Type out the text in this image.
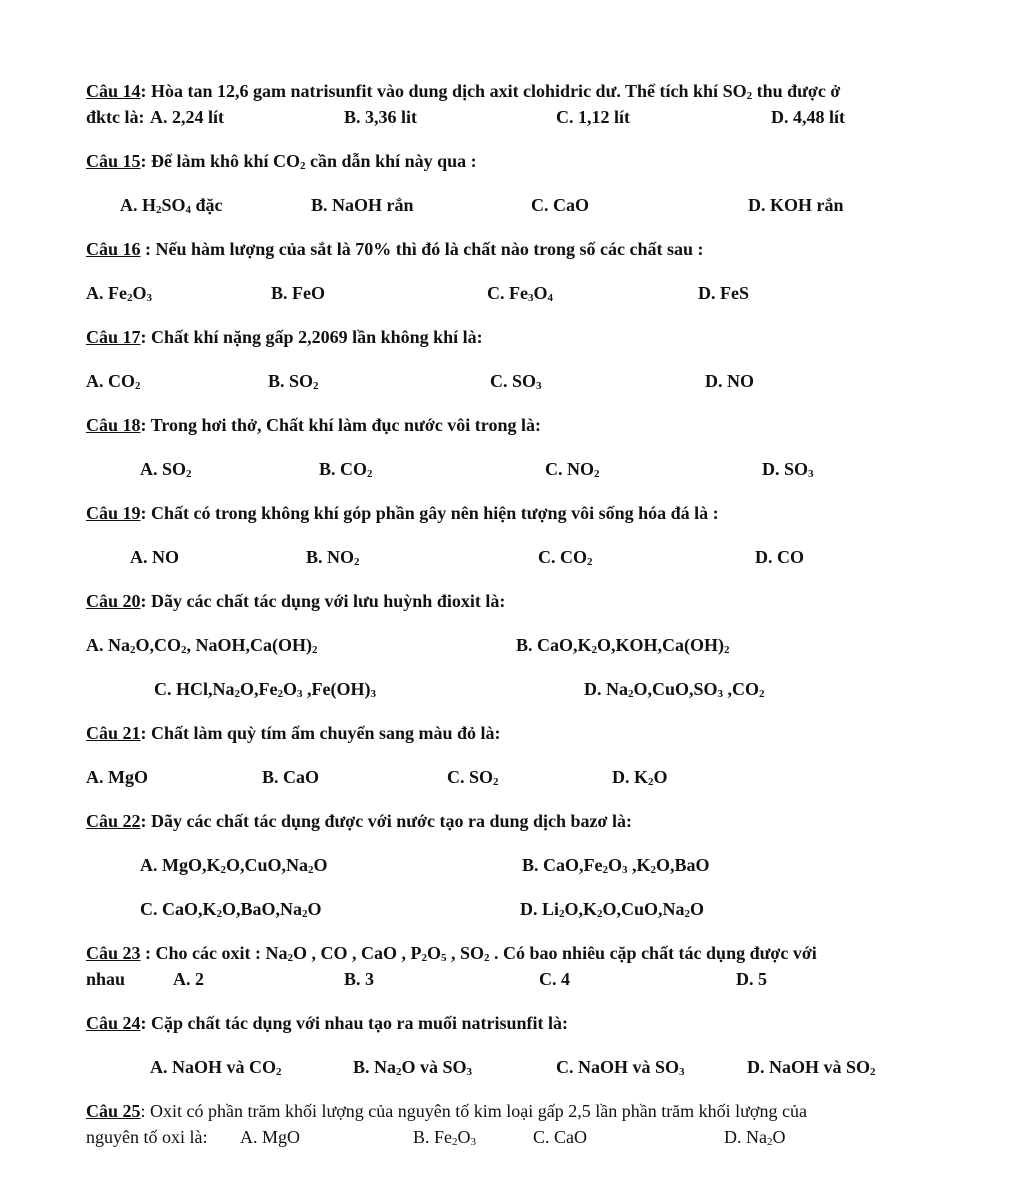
Câu 14: Hòa tan 12,6 gam natrisunfit vào dung dịch axit clohidric dư. Thể tích khí $SO_2$ thu được ở
đktc là: A. 2,24 lít	B. 3,36 lit	C. 1,12 lít	D. 4,48 lít
Câu 15: Để làm khô khí $CO_2$ cần dẫn khí này qua :
A. $H_2SO_4$ đặc	B. NaOH rắn	C. CaO	D. KOH rắn
Câu 16 : Nếu hàm lượng của sắt là 70% thì đó là chất nào trong số các chất sau :
A. $Fe_2O_3$	B. FeO	C. $Fe_3O_4$	D. FeS
Câu 17: Chất khí nặng gấp 2,2069 lần không khí là:
A. $CO_2$	B. $SO_2$	C. $SO_3$	D. NO
Câu 18: Trong hơi thở, Chất khí làm đục nước vôi trong là:
A. $SO_2$	B. $CO_2$	C. $NO_2$	D. $SO_3$
Câu 19: Chất có trong không khí góp phần gây nên hiện tượng vôi sống hóa đá là :
A. NO	B. $NO_2$	C. $CO_2$	D. CO
Câu 20: Dãy các chất tác dụng với lưu huỳnh đioxit là:
A. $Na_2O,CO_2$, $NaOH,Ca(OH)_2$	B. $CaO,K_2O,KOH,Ca(OH)_2$
C. $HCl,Na_2O,Fe_2O_3$ $,Fe(OH)_3$	D. $Na_2O,CuO,SO_3$ $,CO_2$
Câu 21: Chất làm quỳ tím ẩm chuyển sang màu đỏ là:
A. MgO	B. CaO	C. $SO_2$	D. $K_2O$
Câu 22: Dãy các chất tác dụng được với nước tạo ra dung dịch bazơ là:
A. $MgO,K_2O,CuO,Na_2O$	B. $CaO,Fe_2O_3$ $,K_2O,BaO$
C. $CaO,K_2O,BaO,Na_2O$	D. $Li_2O,K_2O,CuO,Na_2O$
Câu 23 : Cho các oxit : $Na_2O$ , CO , CaO , $P_2O_5$ , $SO_2$ . Có bao nhiêu cặp chất tác dụng được với
nhau	A. 2	B. 3	C. 4	D. 5
Câu 24: Cặp chất tác dụng với nhau tạo ra muối natrisunfit là:
A. NaOH và $CO_2$	B. $Na_2O$ và $SO_3$	C. NaOH và $SO_3$	D. NaOH và $SO_2$
Câu 25: Oxit có phần trăm khối lượng của nguyên tố kim loại gấp 2,5 lần phần trăm khối lượng của
nguyên tố oxi là: A. MgO	B. $Fe_2O_3$	C. CaO	D. $Na_2O$
